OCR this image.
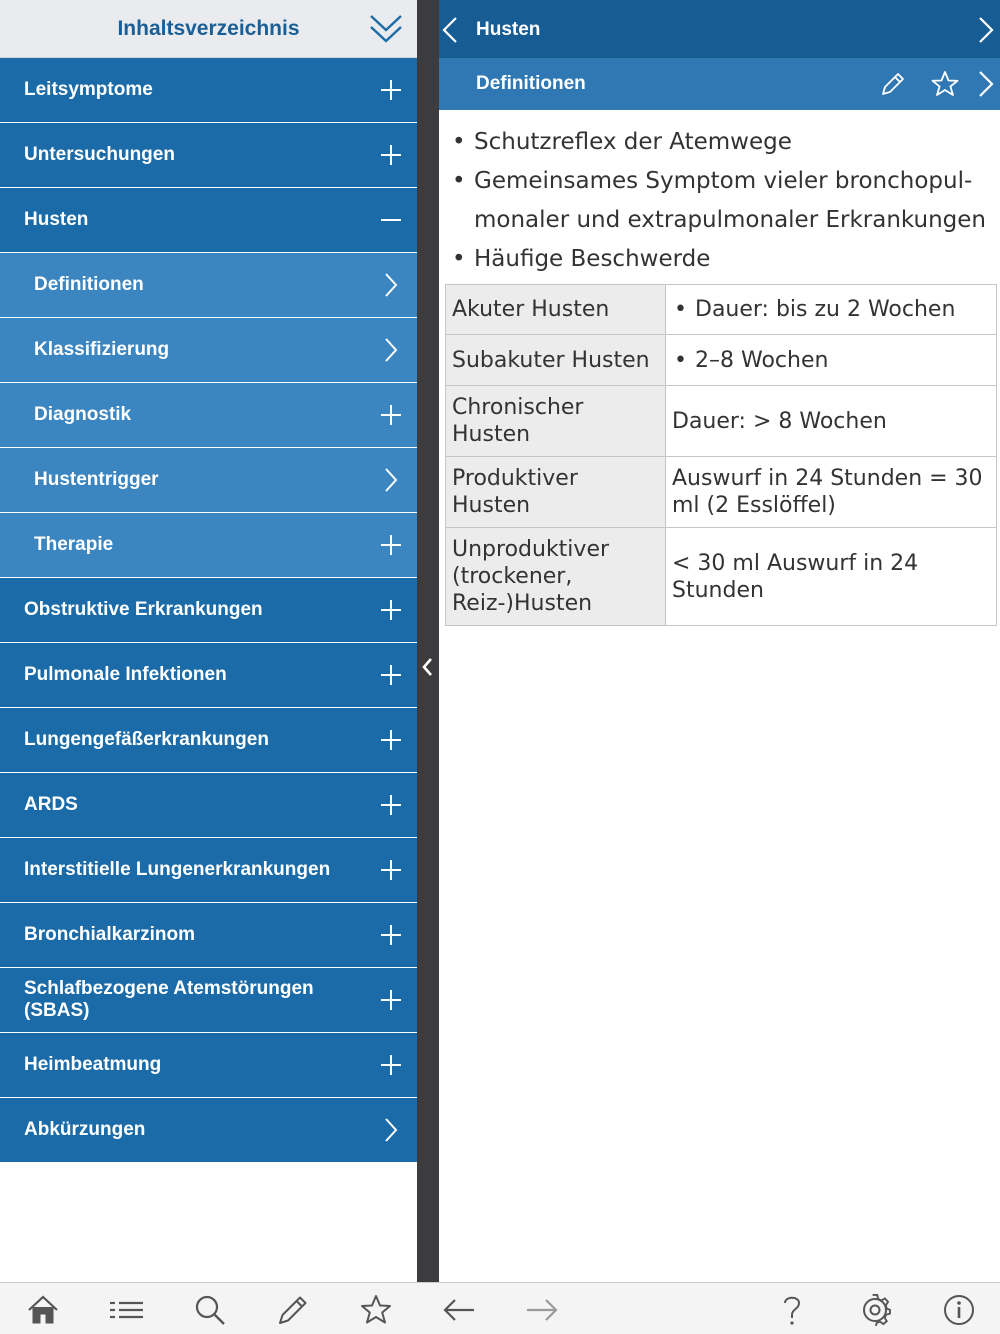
Inhaltsverzeichnis
Leitsymptome
Untersuchungen
Husten
Definitionen
Klassifizierung
Diagnostik
Hustentrigger
Therapie
Obstruktive Erkrankungen
Pulmonale Infektionen
Lungengefäßerkrankungen
ARDS
Interstitielle Lungenerkrankungen
Bronchialkarzinom
Schlafbezogene Atemstörungen (SBAS)
Heimbeatmung
Abkürzungen
Husten
Definitionen
• Schutzreflex der Atemwege
• Gemeinsames Symptom vieler bronchopul-
monaler und extrapulmonaler Erkrankungen
• Häufige Beschwerde
Akuter Husten	• Dauer: bis zu 2 Wochen
Subakuter Husten	• 2–8 Wochen
Chronischer Husten	Dauer: > 8 Wochen
Produktiver Husten	Auswurf in 24 Stunden = 30 ml (2 Esslöffel)
Unproduktiver (trockener, Reiz-)Husten	< 30 ml Auswurf in 24 Stunden
